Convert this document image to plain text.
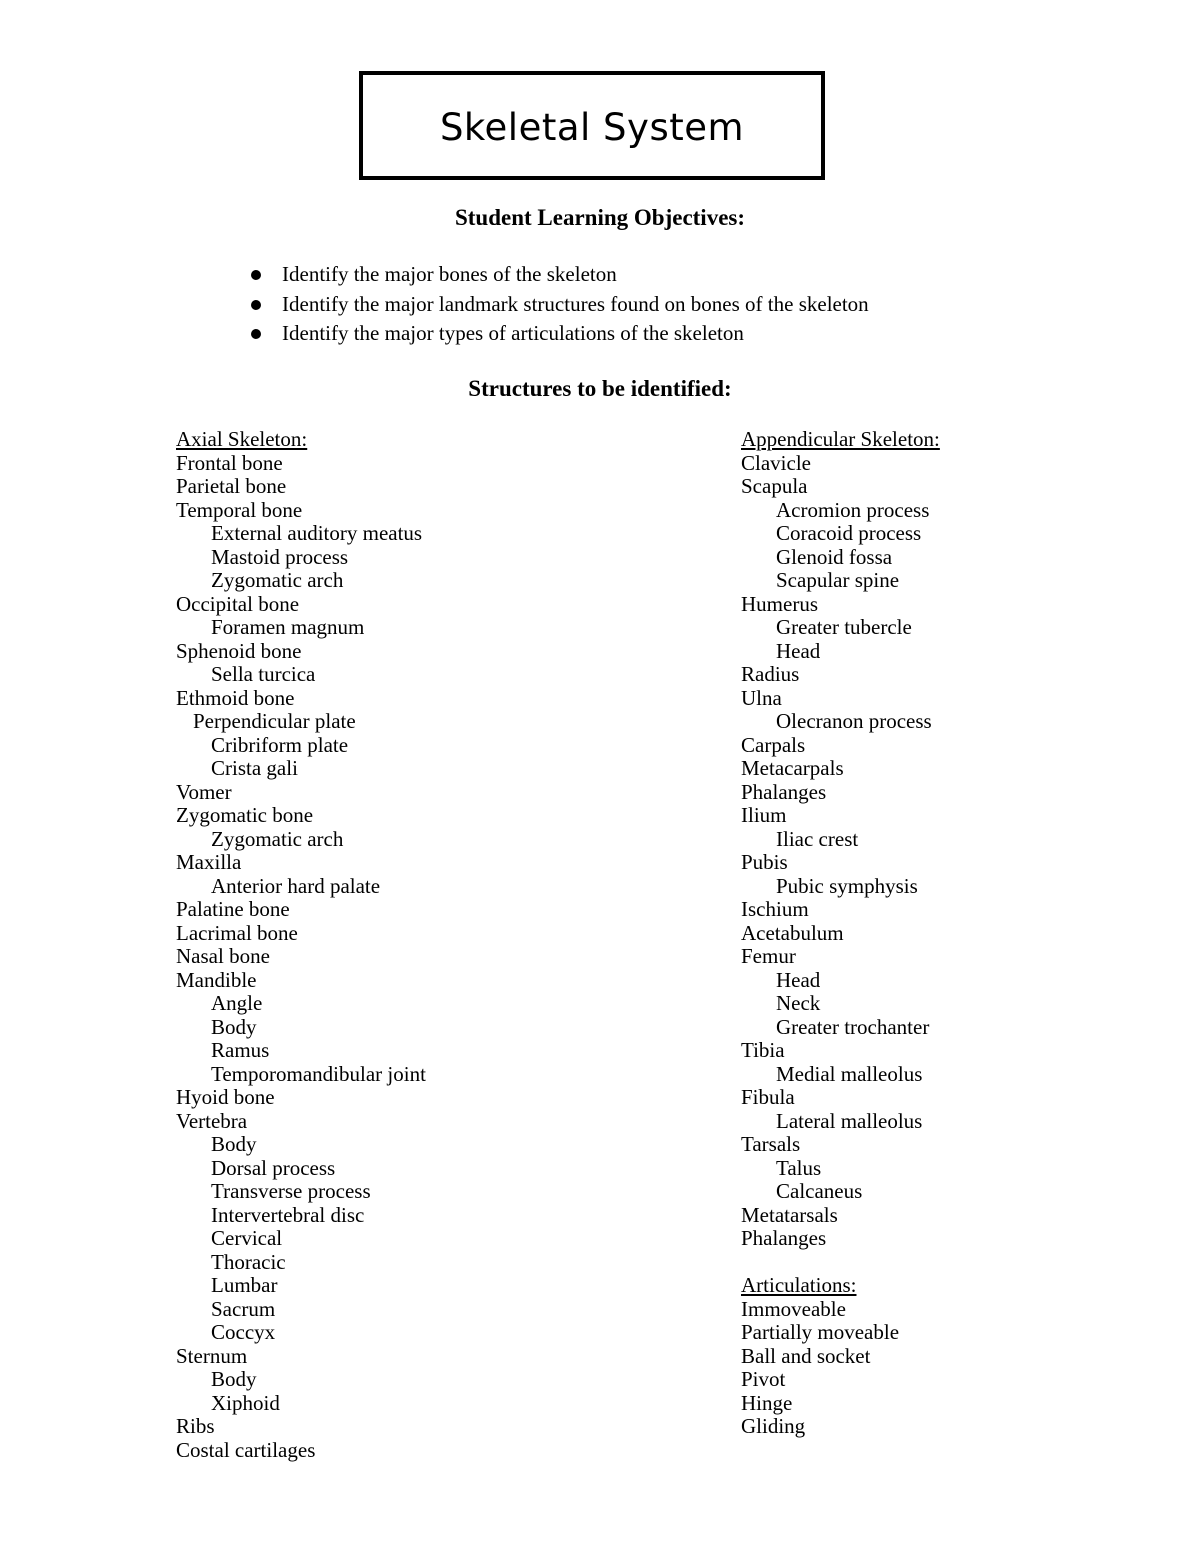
Skeletal System
Student Learning Objectives:
Identify the major bones of the skeleton
Identify the major landmark structures found on bones of the skeleton
Identify the major types of articulations of the skeleton
Structures to be identified:
Axial Skeleton:
Frontal bone
Parietal bone
Temporal bone
External auditory meatus
Mastoid process
Zygomatic arch
Occipital bone
Foramen magnum
Sphenoid bone
Sella turcica
Ethmoid bone
Perpendicular plate
Cribriform plate
Crista gali
Vomer
Zygomatic bone
Zygomatic arch
Maxilla
Anterior hard palate
Palatine bone
Lacrimal bone
Nasal bone
Mandible
Angle
Body
Ramus
Temporomandibular joint
Hyoid bone
Vertebra
Body
Dorsal process
Transverse process
Intervertebral disc
Cervical
Thoracic
Lumbar
Sacrum
Coccyx
Sternum
Body
Xiphoid
Ribs
Costal cartilages
Appendicular Skeleton:
Clavicle
Scapula
Acromion process
Coracoid process
Glenoid fossa
Scapular spine
Humerus
Greater tubercle
Head
Radius
Ulna
Olecranon process
Carpals
Metacarpals
Phalanges
Ilium
Iliac crest
Pubis
Pubic symphysis
Ischium
Acetabulum
Femur
Head
Neck
Greater trochanter
Tibia
Medial malleolus
Fibula
Lateral malleolus
Tarsals
Talus
Calcaneus
Metatarsals
Phalanges
Articulations:
Immoveable
Partially moveable
Ball and socket
Pivot
Hinge
Gliding
